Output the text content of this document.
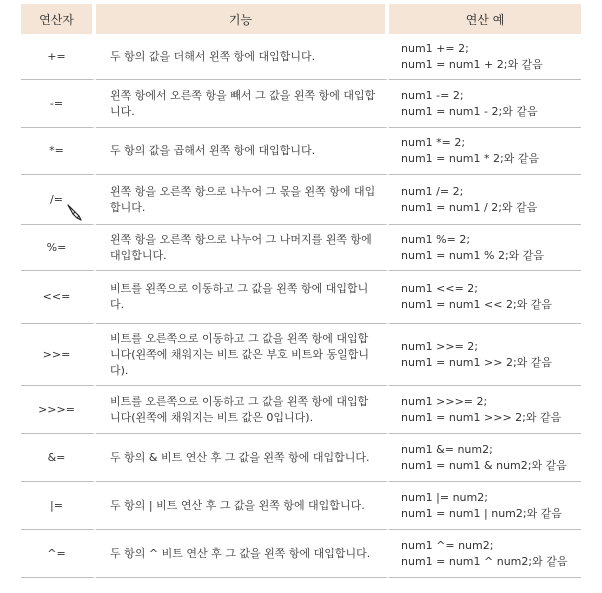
연산자	기능	연산 예
+=	두 항의 값을 더해서 왼쪽 항에 대입합니다.	num1 += 2;
num1 = num1 + 2;와 같음

-=	왼쪽 항에서 오른쪽 항을 빼서 그 값을 왼쪽 항에 대입합니다.	num1 -= 2;
num1 = num1 - 2;와 같음

*=	두 항의 값을 곱해서 왼쪽 항에 대입합니다.	num1 *= 2;
num1 = num1 * 2;와 같음

/=	왼쪽 항을 오른쪽 항으로 나누어 그 몫을 왼쪽 항에 대입합니다.	num1 /= 2;
num1 = num1 / 2;와 같음

%=	왼쪽 항을 오른쪽 항으로 나누어 그 나머지를 왼쪽 항에 대입합니다.	num1 %= 2;
num1 = num1 % 2;와 같음

<<=	비트를 왼쪽으로 이동하고 그 값을 왼쪽 항에 대입합니다.	num1 <<= 2;
num1 = num1 << 2;와 같음

>>=	비트를 오른쪽으로 이동하고 그 값을 왼쪽 항에 대입합니다(왼쪽에 채워지는 비트 값은 부호 비트와 동일합니다).	num1 >>= 2;
num1 = num1 >> 2;와 같음

>>>=	비트를 오른쪽으로 이동하고 그 값을 왼쪽 항에 대입합니다(왼쪽에 채워지는 비트 값은 0입니다).	num1 >>>= 2;
num1 = num1 >>> 2;와 같음

&=	두 항의 & 비트 연산 후 그 값을 왼쪽 항에 대입합니다.	num1 &= num2;
num1 = num1 & num2;와 같음

|=	두 항의 | 비트 연산 후 그 값을 왼쪽 항에 대입합니다.	num1 |= num2;
num1 = num1 | num2;와 같음

^=	두 항의 ^ 비트 연산 후 그 값을 왼쪽 항에 대입합니다.	num1 ^= num2;
num1 = num1 ^ num2;와 같음
